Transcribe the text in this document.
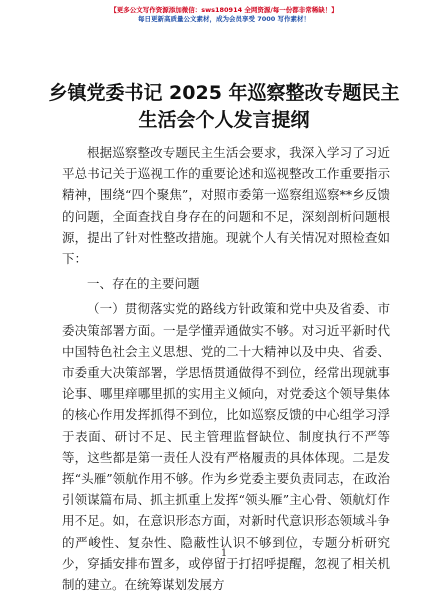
【更多公文写作资源添加微信：sws180914 全网资源/每一份都非常稀缺！】
每日更新高质量公文素材，成为会员享受 7000 写作素材！
乡镇党委书记 2025 年巡察整改专题民主生活会个人发言提纲

根据巡察整改专题民主生活会要求，我深入学习了习近平总书记关于巡视工作的重要论述和巡视整改工作重要指示精神，围绕“四个聚焦”，对照市委第一巡察组巡察**乡反馈的问题，全面查找自身存在的问题和不足，深刻剖析问题根源，提出了针对性整改措施。现就个人有关情况对照检查如下：

一、存在的主要问题

（一）贯彻落实党的路线方针政策和党中央及省委、市委决策部署方面。一是学懂弄通做实不够。对习近平新时代中国特色社会主义思想、党的二十大精神以及中央、省委、市委重大决策部署，学思悟贯通做得不到位，经常出现就事论事、哪里痒哪里抓的实用主义倾向，对党委这个领导集体的核心作用发挥抓得不到位，比如巡察反馈的中心组学习浮于表面、研讨不足、民主管理监督缺位、制度执行不严等等，这些都是第一责任人没有严格履责的具体体现。二是发挥“头雁”领航作用不够。作为乡党委主要负责同志，在政治引领谋篇布局、抓主抓重上发挥“领头雁”主心骨、领航灯作用不足。如，在意识形态方面，对新时代意识形态领域斗争的严峻性、复杂性、隐蔽性认识不够到位，专题分析研究少，穿插安排布置多，或停留于打招呼提醒，忽视了相关机制的建立。在统筹谋划发展方

1
